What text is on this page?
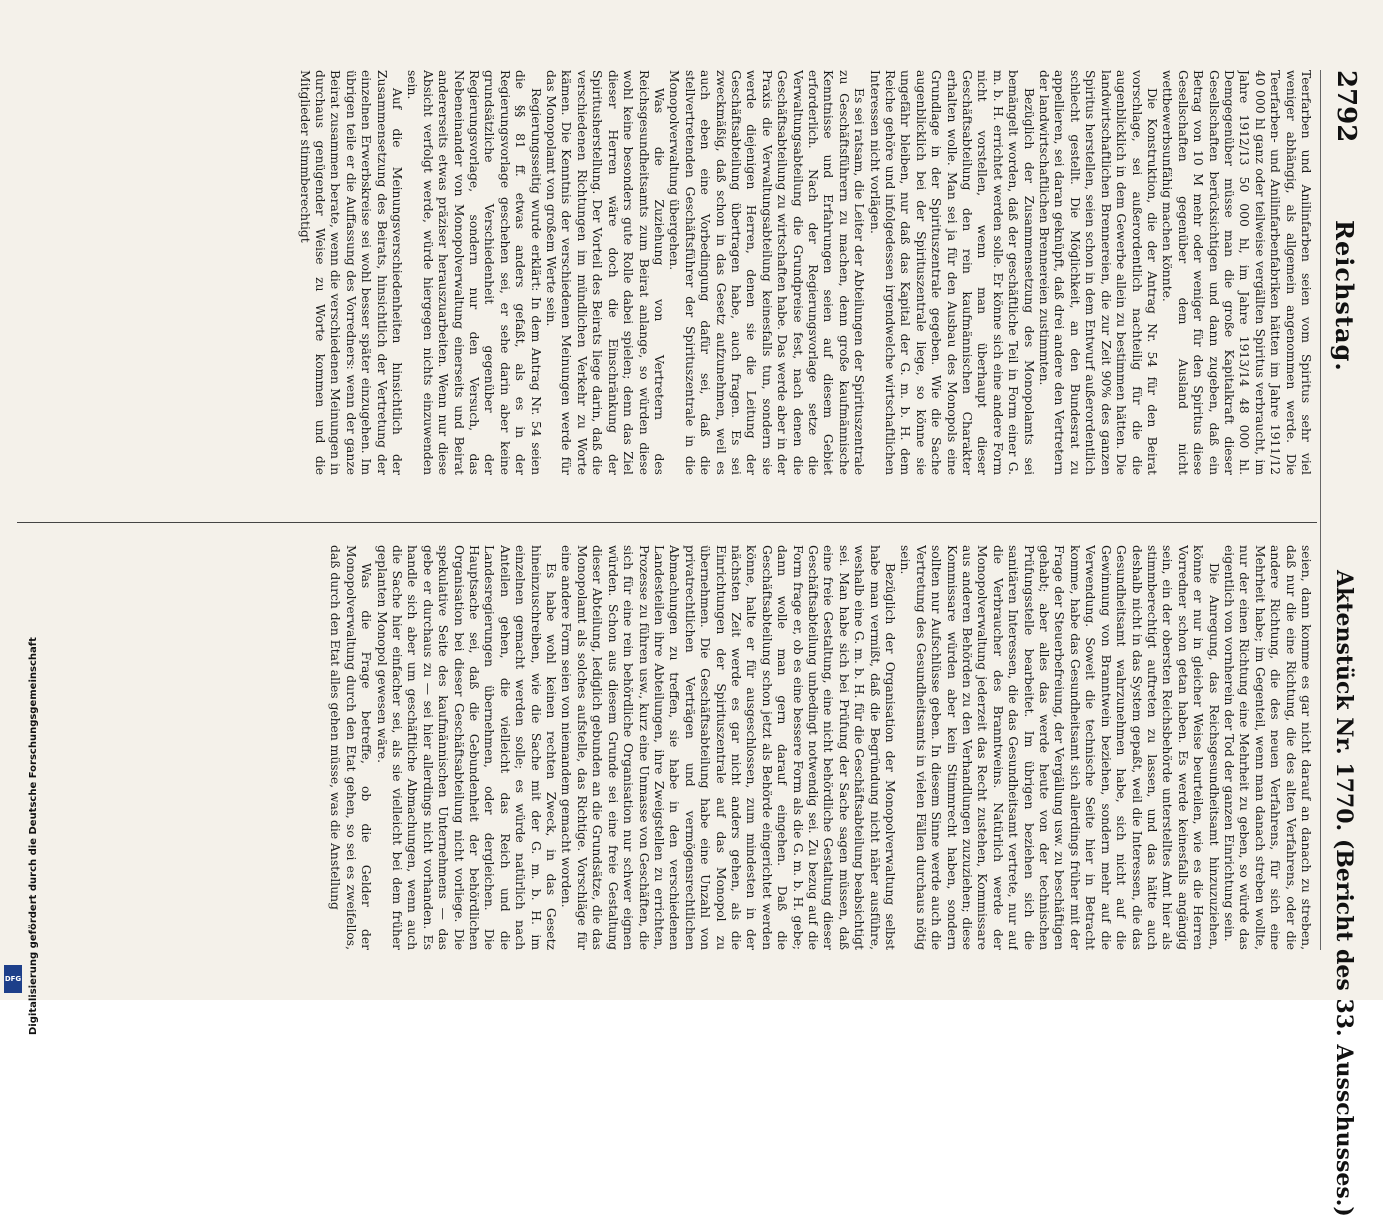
2792
Reichstag.
Aktenstück Nr. 1770. (Bericht des 33. Ausschusses.)

Teerfarben und Anilinfarben seien vom Spiritus sehr viel weniger abhängig, als allgemein angenommen werde. Die Teerfarben- und Anilinfarbenfabriken hätten im Jahre 1911/12 40 000 hl ganz oder teilweise vergällten Spiritus verbraucht, im Jahre 1912/13 50 000 hl, im Jahre 1913/14 48 000 hl. Demgegenüber müsse man die große Kapitalkraft dieser Gesellschaften berücksichtigen und dann zugeben, daß ein Betrag von 10 M mehr oder weniger für den Spiritus diese Gesellschaften gegenüber dem Ausland nicht wettbewerbsunfähig machen könnte.

Die Konstruktion, die der Antrag Nr. 54 für den Beirat vorschlage, sei außerordentlich nachteilig für die die augenblicklich in dem Gewerbe allein zu bestimmen hätten. Die landwirtschaftlichen Brennereien, die zur Zeit 90% des ganzen Spiritus herstellen, seien schon in dem Entwurf außerordentlich schlecht gestellt. Die Möglichkeit, an den Bundesrat zu appellieren, sei daran geknüpft, daß drei andere den Vertretern der landwirtschaftlichen Brennereien zustimmten.

Bezüglich der Zusammensetzung des Monopolamts sei bemängelt worden, daß der geschäftliche Teil in Form einer G. m. b. H. errichtet werden solle. Er könne sich eine andere Form nicht vorstellen, wenn man überhaupt dieser Geschäftsabteilung den rein kaufmännischen Charakter erhalten wolle. Man sei ja für den Ausbau des Monopols eine Grundlage in der Spirituszentrale gegeben. Wie die Sache augenblicklich bei der Spirituszentrale liege, so könne sie ungefähr bleiben, nur daß das Kapital der G. m. b. H. dem Reiche gehöre und infolgedessen irgendwelche wirtschaftlichen Interessen nicht vorlägen.

Es sei ratsam, die Leiter der Abteilungen der Spirituszentrale zu Geschäftsführern zu machen, denn große kaufmännische Kenntnisse und Erfahrungen seien auf diesem Gebiet erforderlich. Nach der Regierungsvorlage setze die Verwaltungsabteilung die Grundpreise fest, nach denen die Geschäftsabteilung zu wirtschaften habe. Das werde aber in der Praxis die Verwaltungsabteilung keinesfalls tun, sondern sie werde diejenigen Herren, denen sie die Leitung der Geschäftsabteilung übertragen habe, auch fragen. Es sei zweckmäßig, daß schon in das Gesetz aufzunehmen, weil es auch eben eine Vorbedingung dafür sei, daß die stellvertretenden Geschäftsführer der Spirituszentrale in die Monopolverwaltung übergehen.

Was die Zuziehung von Vertretern des Reichsgesundheitsamts zum Beirat anlange, so würden diese wohl keine besonders gute Rolle dabei spielen; denn das Ziel dieser Herren wäre doch die Einschränkung der Spiritusherstellung. Der Vorteil des Beirats liege darin, daß die verschiedenen Richtungen im mündlichen Verkehr zu Worte kämen. Die Kenntnis der verschiedenen Meinungen werde für das Monopolamt von großem Werte sein.

Regierungsseitig wurde erklärt: In dem Antrag Nr. 54 seien die §§ 81 ff. etwas anders gefaßt, als es in der Regierungsvorlage geschehen sei, er sehe darin aber keine grundsätzliche Verschiedenheit gegenüber der Regierungsvorlage, sondern nur den Versuch, das Nebeneinander von Monopolverwaltung einerseits und Beirat andererseits etwas präziser herauszuarbeiten. Wenn nur diese Absicht verfolgt werde, würde hiergegen nichts einzuwenden sein.

Auf die Meinungsverschiedenheiten hinsichtlich der Zusammensetzung des Beirats, hinsichtlich der Vertretung der einzelnen Erwerbskreise sei wohl besser später einzugehen. Im übrigen teile er die Auffassung des Vorredners: wenn der ganze Beirat zusammen berate, wenn die verschiedenen Meinungen in durchaus genügender Weise zu Worte kommen und die Mitglieder stimmberechtigt

seien, dann komme es gar nicht darauf an danach zu streben, daß nur die eine Richtung, die des alten Verfahrens, oder die andere Richtung, die des neuen Verfahrens, für sich eine Mehrheit habe; im Gegenteil, wenn man danach streben wollte, nur der einen Richtung eine Mehrheit zu geben, so würde das eigentlich von vornherein der Tod der ganzen Einrichtung sein.

Die Anregung, das Reichsgesundheitsamt hinzuzuziehen, könne er nur in gleicher Weise beurteilen, wie es die Herren Vorredner schon getan haben. Es werde keinesfalls angängig sein, ein der obersten Reichsbehörde unterstelltes Amt hier als stimmberechtigt auftreten zu lassen, und das hätte auch deshalb nicht in das System gepaßt, weil die Interessen, die das Gesundheitsamt wahrzunehmen habe, sich nicht auf die Gewinnung von Branntwein beziehen, sondern mehr auf die Verwendung. Soweit die technische Seite hier in Betracht komme, habe das Gesundheitsamt sich allerdings früher mit der Frage der Steuerbefreiung, der Vergällung usw. zu beschäftigen gehabt; aber alles das werde heute von der technischen Prüfungsstelle bearbeitet. Im übrigen beziehen sich die sanitären Interessen, die das Gesundheitsamt vertrete, nur auf die Verbraucher des Branntweins. Natürlich werde der Monopolverwaltung jederzeit das Recht zustehen, Kommissare aus anderen Behörden zu den Verhandlungen zuzuziehen; diese Kommissare würden aber kein Stimmrecht haben, sondern sollten nur Aufschlüsse geben. In diesem Sinne werde auch die Vertretung des Gesundheitsamts in vielen Fällen durchaus nötig sein.

Bezüglich der Organisation der Monopolverwaltung selbst habe man vermißt, daß die Begründung nicht näher ausführe, weshalb eine G. m. b. H. für die Geschäftsabteilung beabsichtigt sei. Man habe sich bei Prüfung der Sache sagen müssen, daß eine freie Gestaltung, eine nicht behördliche Gestaltung dieser Geschäftsabteilung unbedingt notwendig sei. Zu bezug auf die Form frage er, ob es eine bessere Form als die G. m. b. H. gebe; dann wolle man gern darauf eingehen. Daß die Geschäftsabteilung schon jetzt als Behörde eingerichtet werden könne, halte er für ausgeschlossen, zum mindesten in der nächsten Zeit werde es gar nicht anders gehen, als die Einrichtungen der Spirituszentrale auf das Monopol zu übernehmen. Die Geschäftsabteilung habe eine Unzahl von privatrechtlichen Verträgen und vermögensrechtlichen Abmachungen zu treffen, sie habe in den verschiedenen Landesteilen ihre Abteilungen, ihre Zweigstellen zu errichten, Prozesse zu führen usw., kurz eine Unmasse von Geschäften, die sich für eine rein behördliche Organisation nur schwer eignen würden. Schon aus diesem Grunde sei eine freie Gestaltung dieser Abteilung, lediglich gebunden an die Grundsätze, die das Monopolamt als solches aufstelle, das Richtige. Vorschläge für eine andere Form seien von niemandem gemacht worden.

Es habe wohl keinen rechten Zweck, in das Gesetz hineinzuschreiben, wie die Sache mit der G. m. b. H. im einzelnen gemacht werden solle; es würde natürlich nach Anteilen gehen, die vielleicht das Reich und die Landesregierungen übernehmen, oder dergleichen. Die Hauptsache sei, daß die Gebundenheit der behördlichen Organisation bei dieser Geschäftsabteilung nicht vorliege. Die spekulative Seite des kaufmännischen Unternehmens — das gebe er durchaus zu — sei hier allerdings nicht vorhanden. Es handle sich aber um geschäftliche Abmachungen, wenn auch die Sache hier einfacher sei, als sie vielleicht bei dem früher geplanten Monopol gewesen wäre.

Was die Frage betreffe, ob die Gelder der Monopolverwaltung durch den Etat gehen, so sei es zweifellos, daß durch den Etat alles gehen müsse, was die Anstellung

Digitalisierung gefördert durch die Deutsche Forschungsgemeinschaft
DFG
